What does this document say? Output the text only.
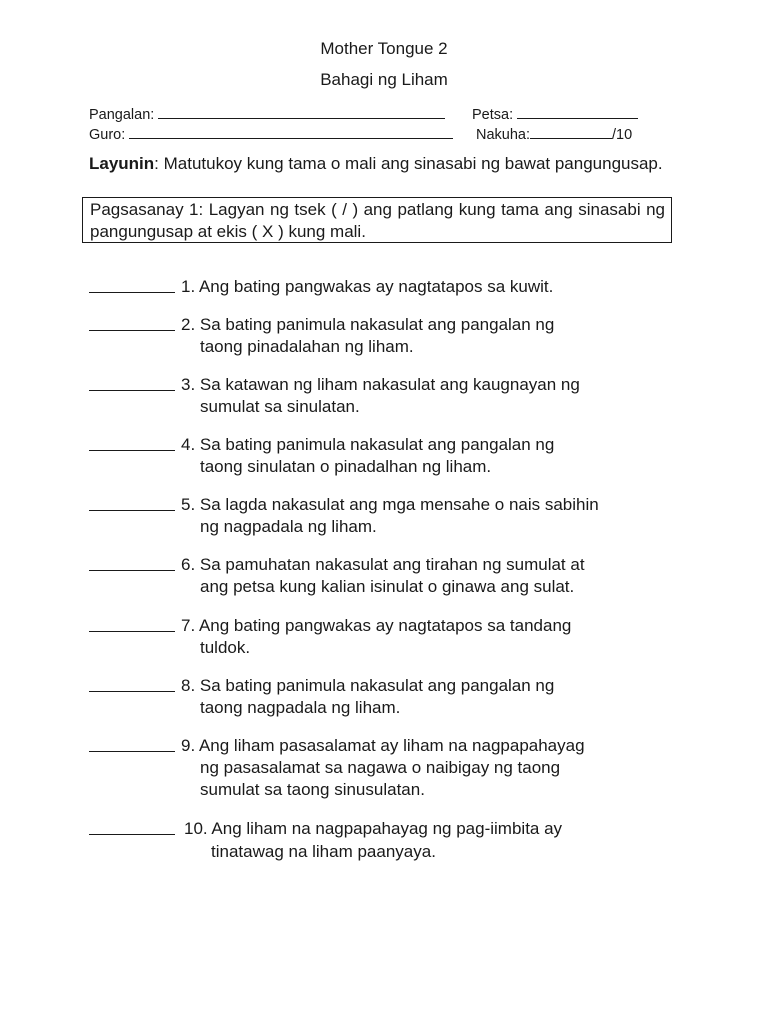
Mother Tongue 2
Bahagi ng Liham
Pangalan:	Petsa:
Guro:	Nakuha:	/10
Layunin: Matutukoy kung tama o mali ang sinasabi ng bawat pangungusap.
Pagsasanay 1: Lagyan ng tsek ( / ) ang patlang kung tama ang sinasabi ng pangungusap at ekis ( X ) kung mali.
1. Ang bating pangwakas ay nagtatapos sa kuwit.
2. Sa bating panimula nakasulat ang pangalan ng
taong pinadalahan ng liham.
3. Sa katawan ng liham nakasulat ang kaugnayan ng
sumulat sa sinulatan.
4. Sa bating panimula nakasulat ang pangalan ng
taong sinulatan o pinadalhan ng liham.
5. Sa lagda nakasulat ang mga mensahe o nais sabihin
ng nagpadala ng liham.
6. Sa pamuhatan nakasulat ang tirahan ng sumulat at
ang petsa kung kalian isinulat o ginawa ang sulat.
7. Ang bating pangwakas ay nagtatapos sa tandang
tuldok.
8. Sa bating panimula nakasulat ang pangalan ng
taong nagpadala ng liham.
9. Ang liham pasasalamat ay liham na nagpapahayag
ng pasasalamat sa nagawa o naibigay ng taong
sumulat sa taong sinusulatan.
10. Ang liham na nagpapahayag ng pag-iimbita ay
tinatawag na liham paanyaya.
